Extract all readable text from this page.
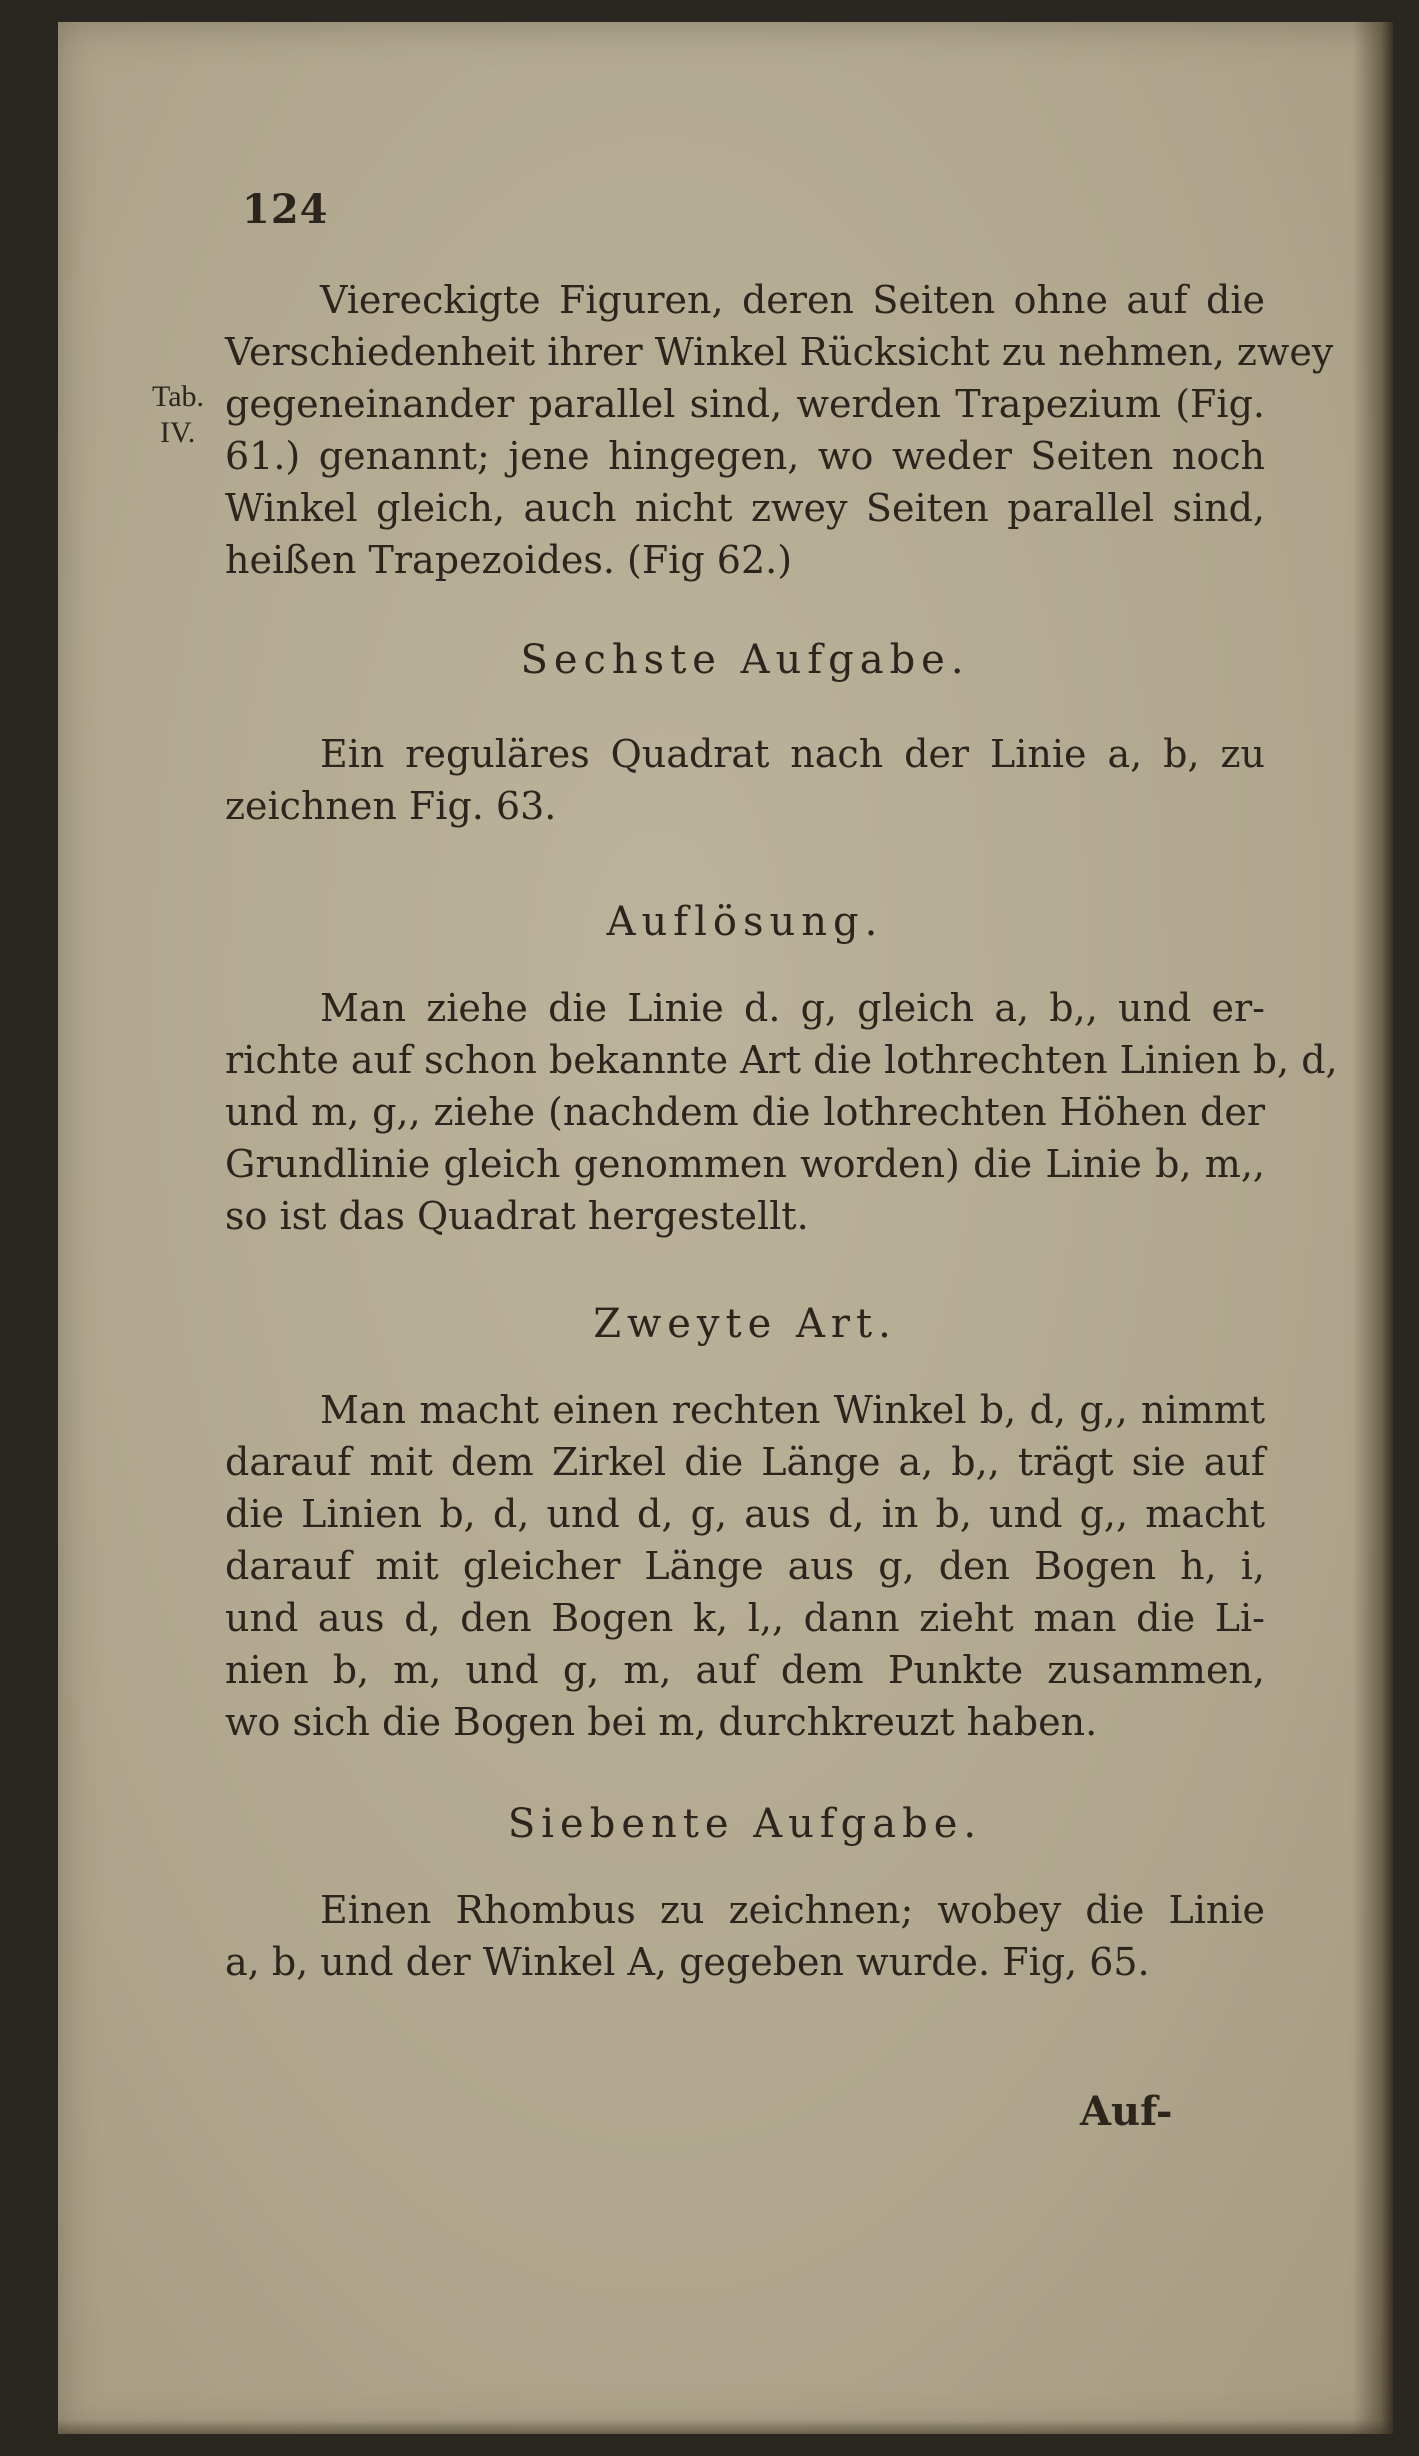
124
Tab.
IV.
Viereckigte Figuren, deren Seiten ohne auf die
Verschiedenheit ihrer Winkel Rücksicht zu nehmen, zwey
gegeneinander parallel sind, werden Trapezium (Fig.
61.) genannt; jene hingegen, wo weder Seiten noch
Winkel gleich, auch nicht zwey Seiten parallel sind,
heißen Trapezoides. (Fig 62.)
Sechste Aufgabe.
Ein reguläres Quadrat nach der Linie a, b, zu
zeichnen Fig. 63.
Auflösung.
Man ziehe die Linie d. g, gleich a, b,, und er-
richte auf schon bekannte Art die lothrechten Linien b, d,
und m, g,, ziehe (nachdem die lothrechten Höhen der
Grundlinie gleich genommen worden) die Linie b, m,,
so ist das Quadrat hergestellt.
Zweyte Art.
Man macht einen rechten Winkel b, d, g,, nimmt
darauf mit dem Zirkel die Länge a, b,, trägt sie auf
die Linien b, d, und d, g, aus d, in b, und g,, macht
darauf mit gleicher Länge aus g, den Bogen h, i,
und aus d, den Bogen k, l,, dann zieht man die Li-
nien b, m, und g, m, auf dem Punkte zusammen,
wo sich die Bogen bei m, durchkreuzt haben.
Siebente Aufgabe.
Einen Rhombus zu zeichnen; wobey die Linie
a, b, und der Winkel A, gegeben wurde. Fig, 65.
Auf-
